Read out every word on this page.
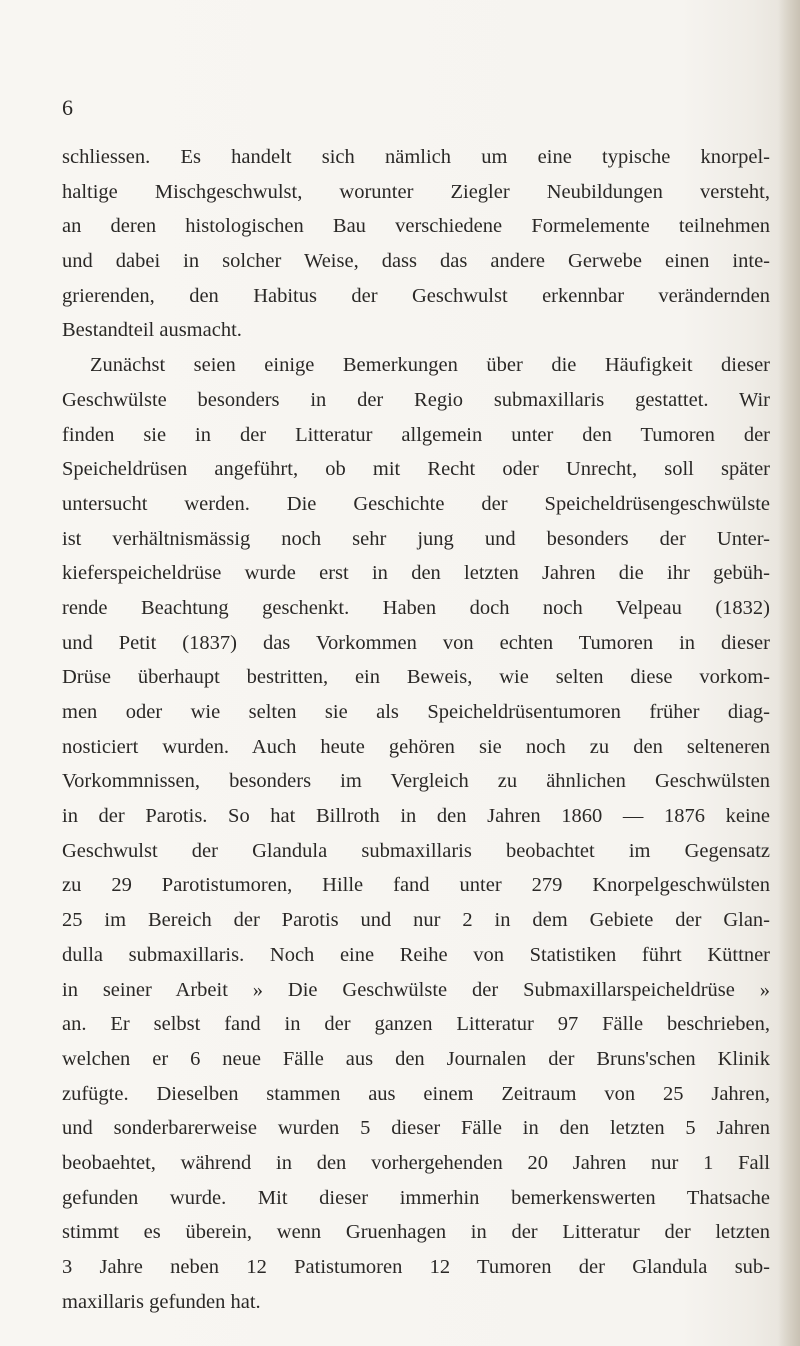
6
schliessen. Es handelt sich nämlich um eine typische knorpel-
haltige Mischgeschwulst, worunter Ziegler Neubildungen versteht,
an deren histologischen Bau verschiedene Formelemente teilnehmen
und dabei in solcher Weise, dass das andere Gerwebe einen inte-
grierenden, den Habitus der Geschwulst erkennbar verändernden
Bestandteil ausmacht.
Zunächst seien einige Bemerkungen über die Häufigkeit dieser
Geschwülste besonders in der Regio submaxillaris gestattet. Wir
finden sie in der Litteratur allgemein unter den Tumoren der
Speicheldrüsen angeführt, ob mit Recht oder Unrecht, soll später
untersucht werden. Die Geschichte der Speicheldrüsengeschwülste
ist verhältnismässig noch sehr jung und besonders der Unter-
kieferspeicheldrüse wurde erst in den letzten Jahren die ihr gebüh-
rende Beachtung geschenkt. Haben doch noch Velpeau (1832)
und Petit (1837) das Vorkommen von echten Tumoren in dieser
Drüse überhaupt bestritten, ein Beweis, wie selten diese vorkom-
men oder wie selten sie als Speicheldrüsentumoren früher diag-
nosticiert wurden. Auch heute gehören sie noch zu den selteneren
Vorkommnissen, besonders im Vergleich zu ähnlichen Geschwülsten
in der Parotis. So hat Billroth in den Jahren 1860 — 1876 keine
Geschwulst der Glandula submaxillaris beobachtet im Gegensatz
zu 29 Parotistumoren, Hille fand unter 279 Knorpelgeschwülsten
25 im Bereich der Parotis und nur 2 in dem Gebiete der Glan-
dulla submaxillaris. Noch eine Reihe von Statistiken führt Küttner
in seiner Arbeit » Die Geschwülste der Submaxillarspeicheldrüse »
an. Er selbst fand in der ganzen Litteratur 97 Fälle beschrieben,
welchen er 6 neue Fälle aus den Journalen der Bruns'schen Klinik
zufügte. Dieselben stammen aus einem Zeitraum von 25 Jahren,
und sonderbarerweise wurden 5 dieser Fälle in den letzten 5 Jahren
beobaehtet, während in den vorhergehenden 20 Jahren nur 1 Fall
gefunden wurde. Mit dieser immerhin bemerkenswerten Thatsache
stimmt es überein, wenn Gruenhagen in der Litteratur der letzten
3 Jahre neben 12 Patistumoren 12 Tumoren der Glandula sub-
maxillaris gefunden hat.
